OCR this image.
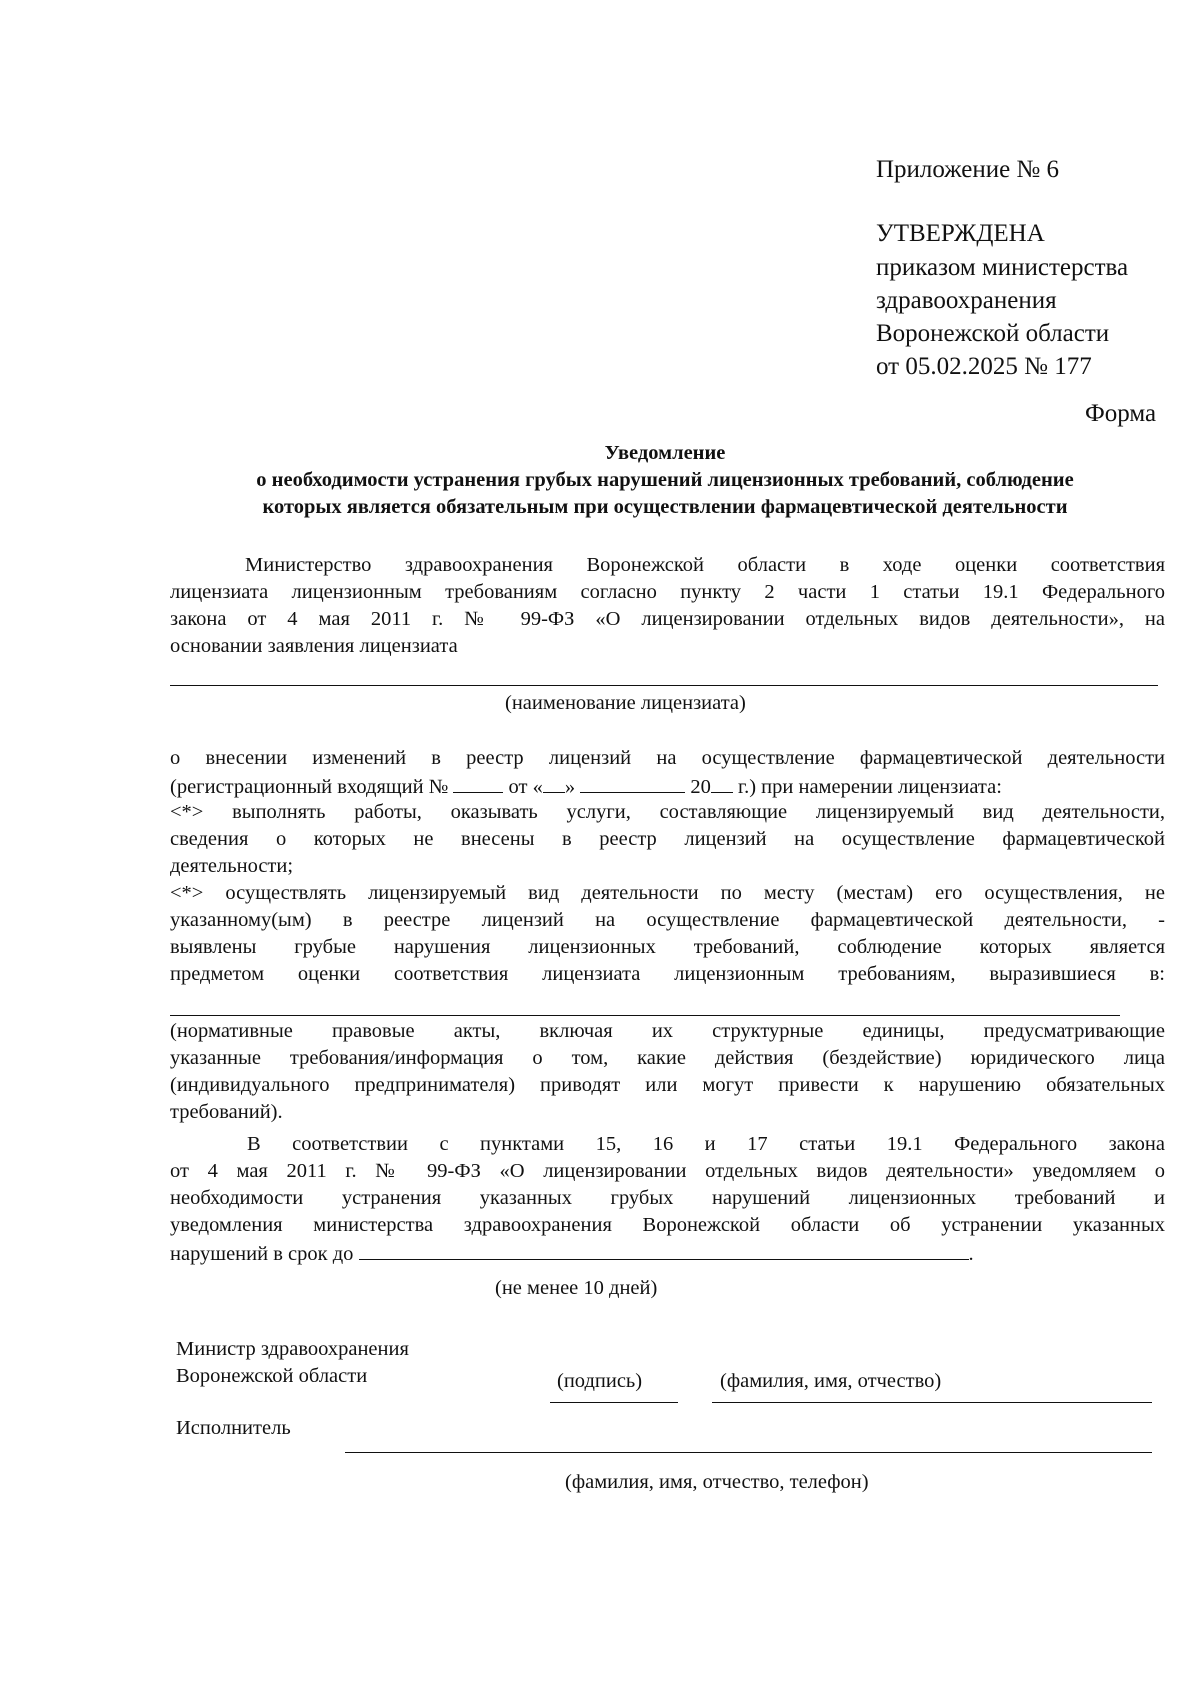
Приложение № 6
УТВЕРЖДЕНА
приказом министерства
здравоохранения
Воронежской области
от 05.02.2025 № 177
Форма
Уведомление
о необходимости устранения грубых нарушений лицензионных требований, соблюдение
которых является обязательным при осуществлении фармацевтической деятельности
Министерство здравоохранения Воронежской области в ходе оценки соответствия
лицензиата лицензионным требованиям согласно пункту 2 части 1 статьи 19.1 Федерального
закона от 4 мая 2011 г. № 99-ФЗ «О лицензировании отдельных видов деятельности», на
основании заявления лицензиата
(наименование лицензиата)
о внесении изменений в реестр лицензий на осуществление фармацевтической деятельности
(регистрационный входящий №	от « »	20 г.) при намерении лицензиата:
<*> выполнять работы, оказывать услуги, составляющие лицензируемый вид деятельности,
сведения о которых не внесены в реестр лицензий на осуществление фармацевтической
деятельности;
<*> осуществлять лицензируемый вид деятельности по месту (местам) его осуществления, не
указанному(ым) в реестре лицензий на осуществление фармацевтической деятельности, -
выявлены грубые нарушения лицензионных требований, соблюдение которых является
предметом оценки соответствия лицензиата лицензионным требованиям, выразившиеся в:
(нормативные правовые акты, включая их структурные единицы, предусматривающие
указанные требования/информация о том, какие действия (бездействие) юридического лица
(индивидуального предпринимателя) приводят или могут привести к нарушению обязательных
требований).
В соответствии с пунктами 15, 16 и 17 статьи 19.1 Федерального закона
от 4 мая 2011 г. № 99-ФЗ «О лицензировании отдельных видов деятельности» уведомляем о
необходимости устранения указанных грубых нарушений лицензионных требований и
уведомления министерства здравоохранения Воронежской области об устранении указанных
нарушений в срок до	.
(не менее 10 дней)
Министр здравоохранения
Воронежской области	(подпись)	(фамилия, имя, отчество)
Исполнитель
(фамилия, имя, отчество, телефон)
